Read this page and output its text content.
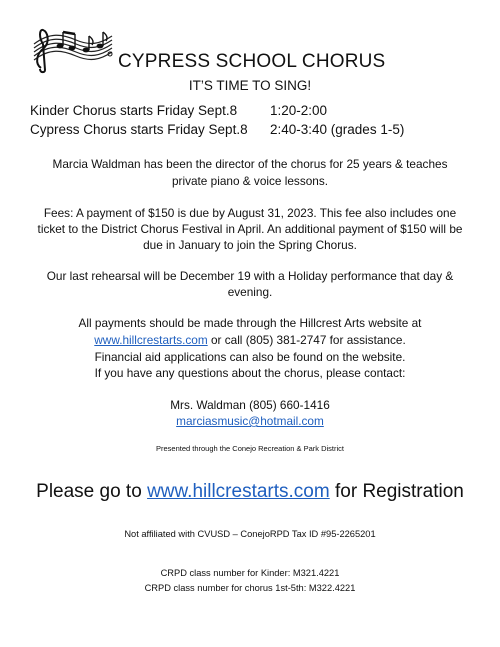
CYPRESS SCHOOL CHORUS
IT’S TIME TO SING!
Kinder Chorus starts Friday Sept.8 1:20-2:00
Cypress Chorus starts Friday Sept.8 2:40-3:40 (grades 1-5)
Marcia Waldman has been the director of the chorus for 25 years & teaches
private piano & voice lessons.
Fees: A payment of $150 is due by August 31, 2023. This fee also includes one
ticket to the District Chorus Festival in April. An additional payment of $150 will be
due in January to join the Spring Chorus.
Our last rehearsal will be December 19 with a Holiday performance that day &
evening.
All payments should be made through the Hillcrest Arts website at
www.hillcrestarts.com or call (805) 381-2747 for assistance.
Financial aid applications can also be found on the website.
If you have any questions about the chorus, please contact:
Mrs. Waldman (805) 660-1416
marciasmusic@hotmail.com
Presented through the Conejo Recreation & Park District
Please go to www.hillcrestarts.com for Registration
Not affiliated with CVUSD – ConejoRPD Tax ID #95-2265201
CRPD class number for Kinder: M321.4221
CRPD class number for chorus 1st-5th: M322.4221
